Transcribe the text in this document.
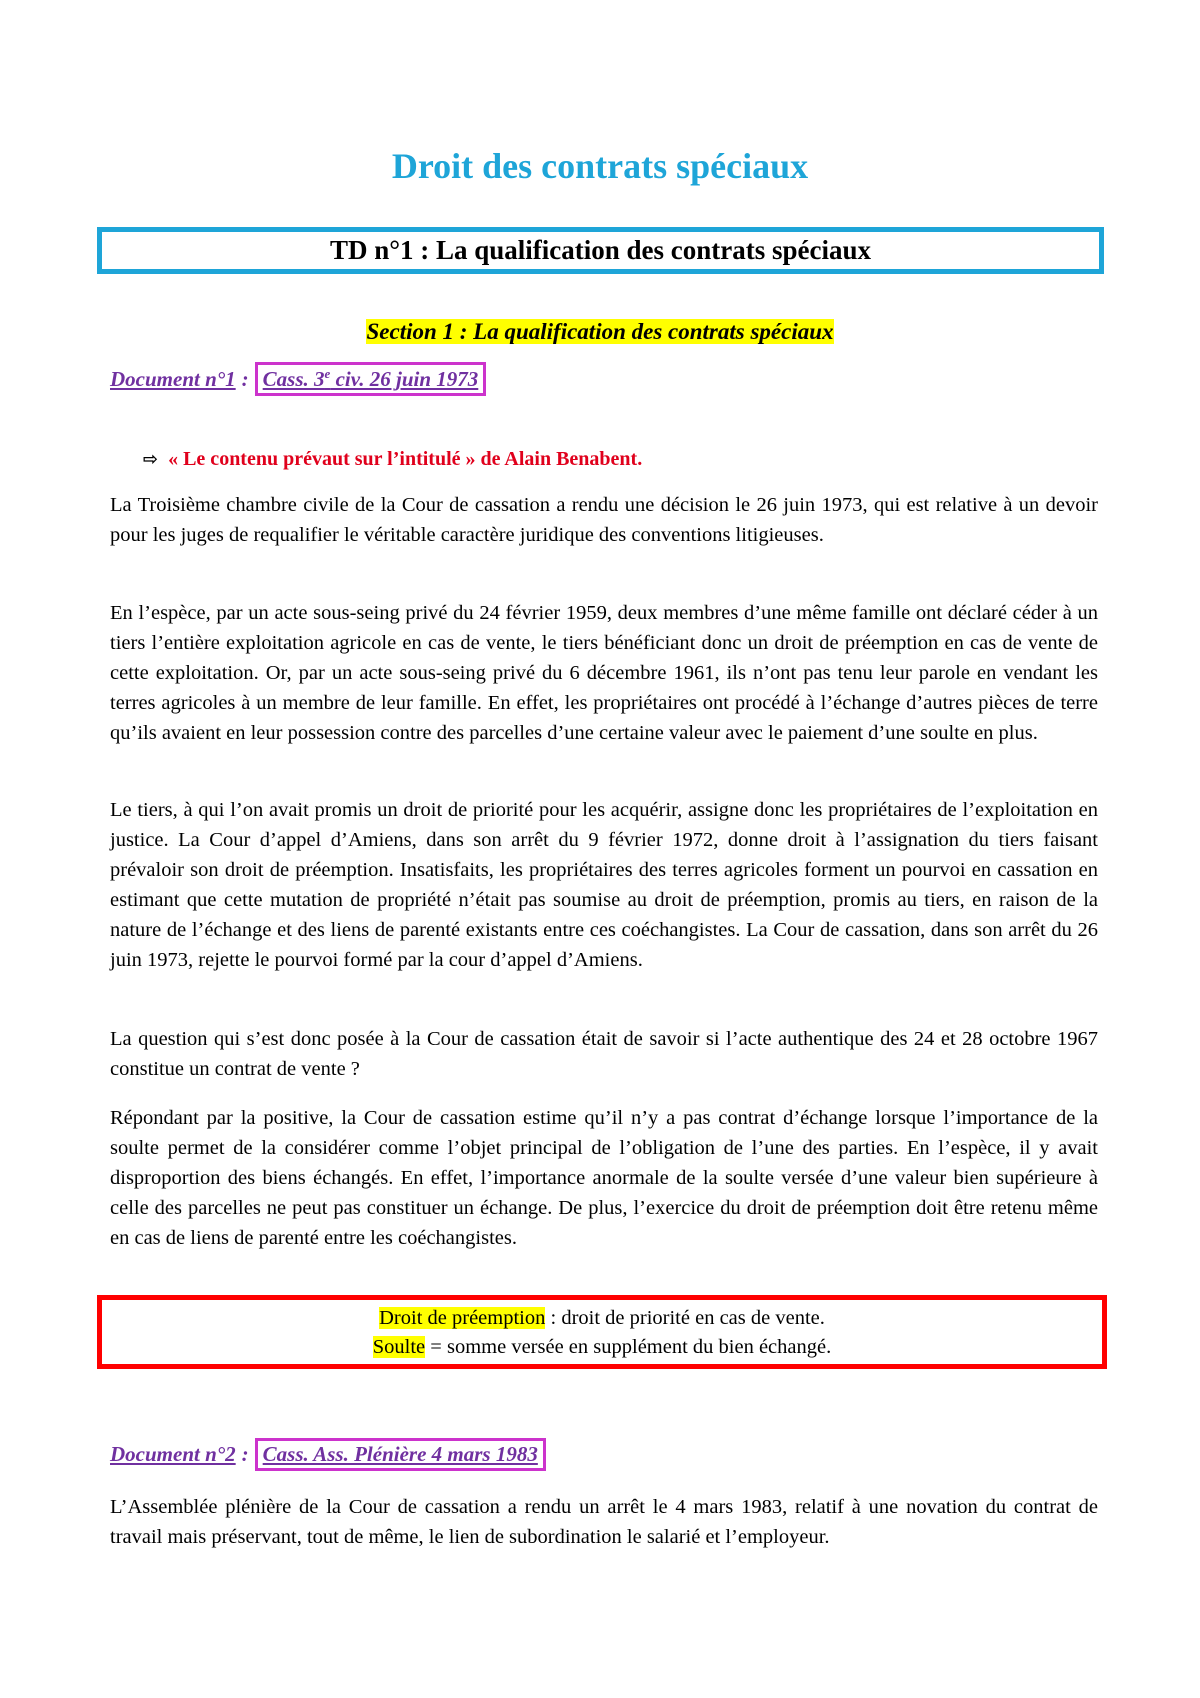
Droit des contrats spéciaux
TD n°1 : La qualification des contrats spéciaux
Section 1 : La qualification des contrats spéciaux
Document n°1 : Cass. 3e civ. 26 juin 1973
⇨ « Le contenu prévaut sur l’intitulé » de Alain Benabent.

La Troisième chambre civile de la Cour de cassation a rendu une décision le 26 juin 1973, qui est relative à un devoir pour les juges de requalifier le véritable caractère juridique des conventions litigieuses.

En l’espèce, par un acte sous-seing privé du 24 février 1959, deux membres d’une même famille ont déclaré céder à un tiers l’entière exploitation agricole en cas de vente, le tiers bénéficiant donc un droit de préemption en cas de vente de cette exploitation. Or, par un acte sous-seing privé du 6 décembre 1961, ils n’ont pas tenu leur parole en vendant les terres agricoles à un membre de leur famille. En effet, les propriétaires ont procédé à l’échange d’autres pièces de terre qu’ils avaient en leur possession contre des parcelles d’une certaine valeur avec le paiement d’une soulte en plus.

Le tiers, à qui l’on avait promis un droit de priorité pour les acquérir, assigne donc les propriétaires de l’exploitation en justice. La Cour d’appel d’Amiens, dans son arrêt du 9 février 1972, donne droit à l’assignation du tiers faisant prévaloir son droit de préemption. Insatisfaits, les propriétaires des terres agricoles forment un pourvoi en cassation en estimant que cette mutation de propriété n’était pas soumise au droit de préemption, promis au tiers, en raison de la nature de l’échange et des liens de parenté existants entre ces coéchangistes. La Cour de cassation, dans son arrêt du 26 juin 1973, rejette le pourvoi formé par la cour d’appel d’Amiens.

La question qui s’est donc posée à la Cour de cassation était de savoir si l’acte authentique des 24 et 28 octobre 1967 constitue un contrat de vente ?

Répondant par la positive, la Cour de cassation estime qu’il n’y a pas contrat d’échange lorsque l’importance de la soulte permet de la considérer comme l’objet principal de l’obligation de l’une des parties. En l’espèce, il y avait disproportion des biens échangés. En effet, l’importance anormale de la soulte versée d’une valeur bien supérieure à celle des parcelles ne peut pas constituer un échange. De plus, l’exercice du droit de préemption doit être retenu même en cas de liens de parenté entre les coéchangistes.

Droit de préemption : droit de priorité en cas de vente.
Soulte = somme versée en supplément du bien échangé.
Document n°2 : Cass. Ass. Plénière 4 mars 1983

L’Assemblée plénière de la Cour de cassation a rendu un arrêt le 4 mars 1983, relatif à une novation du contrat de travail mais préservant, tout de même, le lien de subordination le salarié et l’employeur.
